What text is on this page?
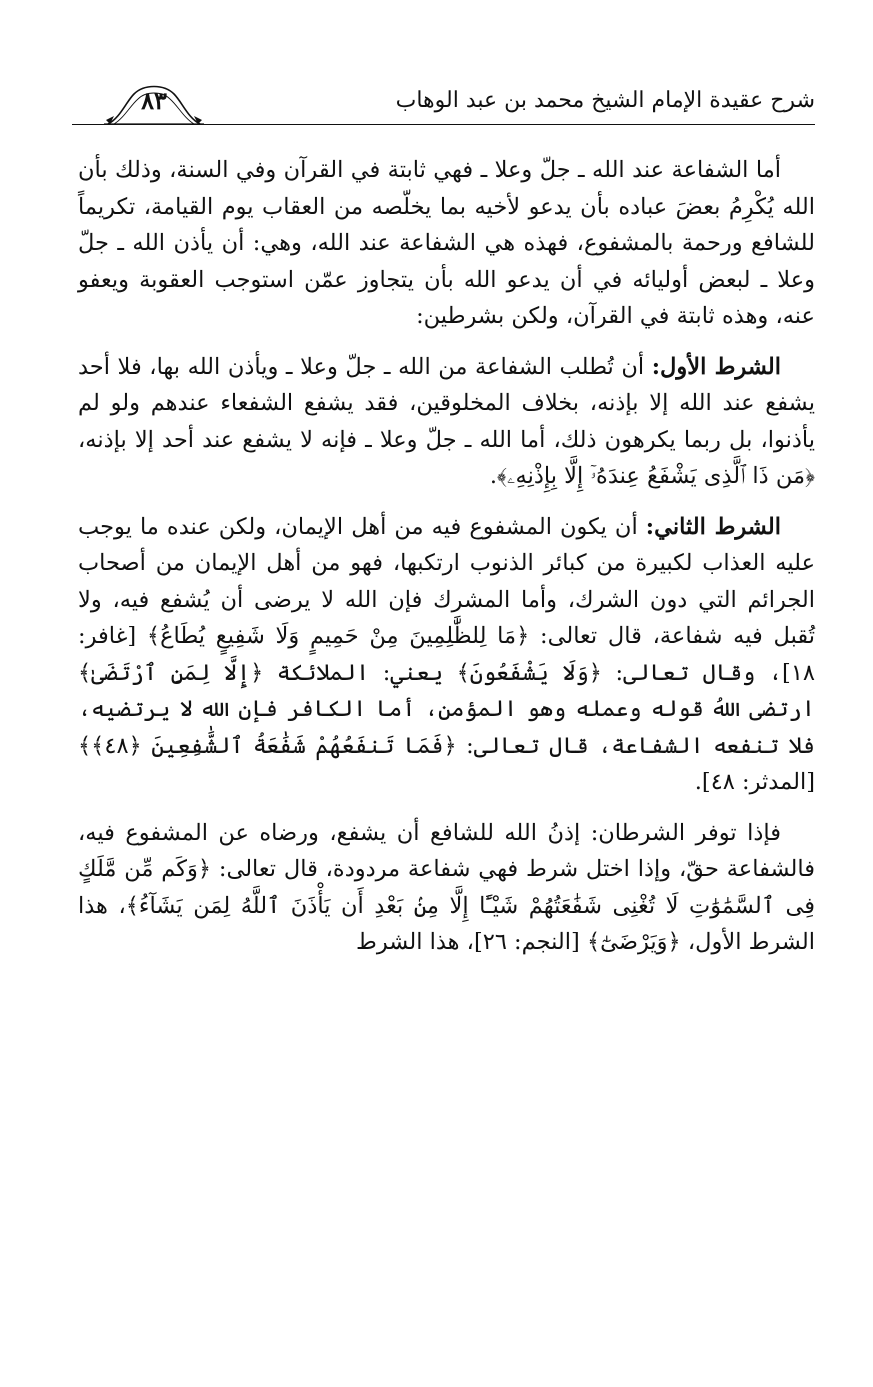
شرح عقيدة الإمام الشيخ محمد بن عبد الوهاب
٨٣

أما الشفاعة عند الله ـ جلّ وعلا ـ فهي ثابتة في القرآن وفي السنة، وذلك بأن الله يُكْرِمُ بعضَ عباده بأن يدعو لأخيه بما يخلّصه من العقاب يوم القيامة، تكريماً للشافع ورحمة بالمشفوع، فهذه هي الشفاعة عند الله، وهي: أن يأذن الله ـ جلّ وعلا ـ لبعض أوليائه في أن يدعو الله بأن يتجاوز عمّن استوجب العقوبة ويعفو عنه، وهذه ثابتة في القرآن، ولكن بشرطين:

الشرط الأول: أن تُطلب الشفاعة من الله ـ جلّ وعلا ـ ويأذن الله بها، فلا أحد يشفع عند الله إلا بإذنه، بخلاف المخلوقين، فقد يشفع الشفعاء عندهم ولو لم يأذنوا، بل ربما يكرهون ذلك، أما الله ـ جلّ وعلا ـ فإنه لا يشفع عند أحد إلا بإذنه، ﴿مَن ذَا ٱلَّذِى يَشْفَعُ عِندَهُۥٓ إِلَّا بِإِذْنِهِۦ﴾.

الشرط الثاني: أن يكون المشفوع فيه من أهل الإيمان، ولكن عنده ما يوجب عليه العذاب لكبيرة من كبائر الذنوب ارتكبها، فهو من أهل الإيمان من أصحاب الجرائم التي دون الشرك، وأما المشرك فإن الله لا يرضى أن يُشفع فيه، ولا تُقبل فيه شفاعة، قال تعالى: ﴿مَا لِلظَّٰلِمِينَ مِنْ حَمِيمٍ وَلَا شَفِيعٍ يُطَاعُ﴾ [غافر: ١٨]، وقال تعالى: ﴿وَلَا يَشْفَعُونَ﴾ يعني: الملائكة ﴿إِلَّا لِمَنِ ٱرْتَضَىٰ﴾ ارتضى اللهُ قوله وعمله وهو المؤمن، أما الكافر فإن الله لا يرتضيه، فلا تنفعه الشفاعة، قال تعالى: ﴿فَمَا تَنفَعُهُمْ شَفَٰعَةُ ٱلشَّٰفِعِينَ ﴿٤٨﴾﴾ [المدثر: ٤٨].

فإذا توفر الشرطان: إذنُ الله للشافع أن يشفع، ورضاه عن المشفوع فيه، فالشفاعة حقّ، وإذا اختل شرط فهي شفاعة مردودة، قال تعالى: ﴿وَكَم مِّن مَّلَكٍ فِى ٱلسَّمَٰوَٰتِ لَا تُغْنِى شَفَٰعَتُهُمْ شَيْـًٔا إِلَّا مِنۢ بَعْدِ أَن يَأْذَنَ ٱللَّهُ لِمَن يَشَآءُ﴾، هذا الشرط الأول، ﴿وَيَرْضَىٰٓ﴾ [النجم: ٢٦]، هذا الشرط
